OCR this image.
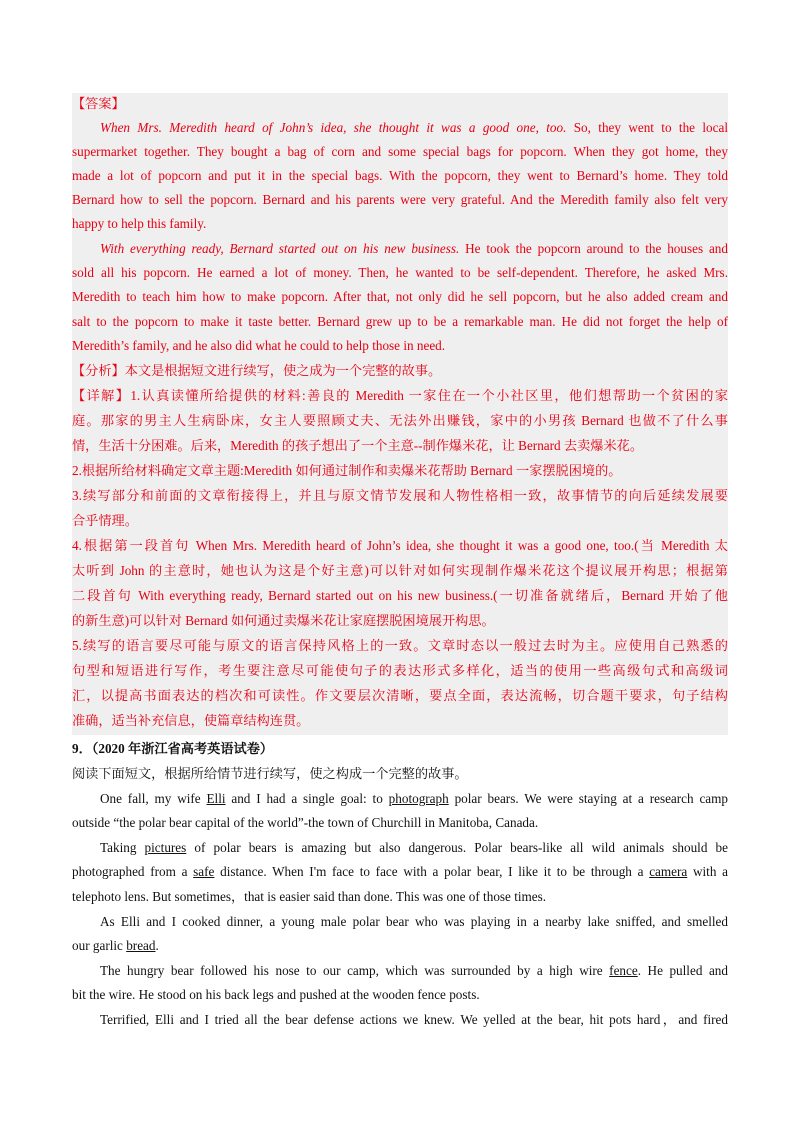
【答案】
When Mrs. Meredith heard of John’s idea, she thought it was a good one, too. So, they went to the local
supermarket together. They bought a bag of corn and some special bags for popcorn. When they got home, they
made a lot of popcorn and put it in the special bags. With the popcorn, they went to Bernard’s home. They told
Bernard how to sell the popcorn. Bernard and his parents were very grateful. And the Meredith family also felt very
happy to help this family.
With everything ready, Bernard started out on his new business. He took the popcorn around to the houses and
sold all his popcorn. He earned a lot of money. Then, he wanted to be self-dependent. Therefore, he asked Mrs.
Meredith to teach him how to make popcorn. After that, not only did he sell popcorn, but he also added cream and
salt to the popcorn to make it taste better. Bernard grew up to be a remarkable man. He did not forget the help of
Meredith’s family, and he also did what he could to help those in need.
【分析】本文是根据短文进行续写，使之成为一个完整的故事。
【详解】1.认真读懂所给提供的材料:善良的 Meredith 一家住在一个小社区里，他们想帮助一个贫困的家
庭。那家的男主人生病卧床，女主人要照顾丈夫、无法外出赚钱，家中的小男孩 Bernard 也做不了什么事
情，生活十分困难。后来，Meredith 的孩子想出了一个主意--制作爆米花，让 Bernard 去卖爆米花。
2.根据所给材料确定文章主题:Meredith 如何通过制作和卖爆米花帮助 Bernard 一家摆脱困境的。
3.续写部分和前面的文章衔接得上，并且与原文情节发展和人物性格相一致，故事情节的向后延续发展要
合乎情理。
4.根据第一段首句 When Mrs. Meredith heard of John’s idea, she thought it was a good one, too.(当 Meredith 太
太听到 John 的主意时，她也认为这是个好主意)可以针对如何实现制作爆米花这个提议展开构思；根据第
二段首句 With everything ready, Bernard started out on his new business.(一切准备就绪后，Bernard 开始了他
的新生意)可以针对 Bernard 如何通过卖爆米花让家庭摆脱困境展开构思。
5.续写的语言要尽可能与原文的语言保持风格上的一致。文章时态以一般过去时为主。应使用自己熟悉的
句型和短语进行写作，考生要注意尽可能使句子的表达形式多样化，适当的使用一些高级句式和高级词
汇，以提高书面表达的档次和可读性。作文要层次清晰，要点全面，表达流畅，切合题干要求，句子结构
准确，适当补充信息，使篇章结构连贯。
9．（2020 年浙江省高考英语试卷）
阅读下面短文，根据所给情节进行续写，使之构成一个完整的故事。
One fall, my wife Elli and I had a single goal: to photograph polar bears. We were staying at a research camp
outside “the polar bear capital of the world”-the town of Churchill in Manitoba, Canada.
Taking pictures of polar bears is amazing but also dangerous. Polar bears-like all wild animals should be
photographed from a safe distance. When I'm face to face with a polar bear, I like it to be through a camera with a
telephoto lens. But sometimes，that is easier said than done. This was one of those times.
As Elli and I cooked dinner, a young male polar bear who was playing in a nearby lake sniffed, and smelled
our garlic bread.
The hungry bear followed his nose to our camp, which was surrounded by a high wire fence. He pulled and
bit the wire. He stood on his back legs and pushed at the wooden fence posts.
Terrified, Elli and I tried all the bear defense actions we knew. We yelled at the bear, hit pots hard，and fired
